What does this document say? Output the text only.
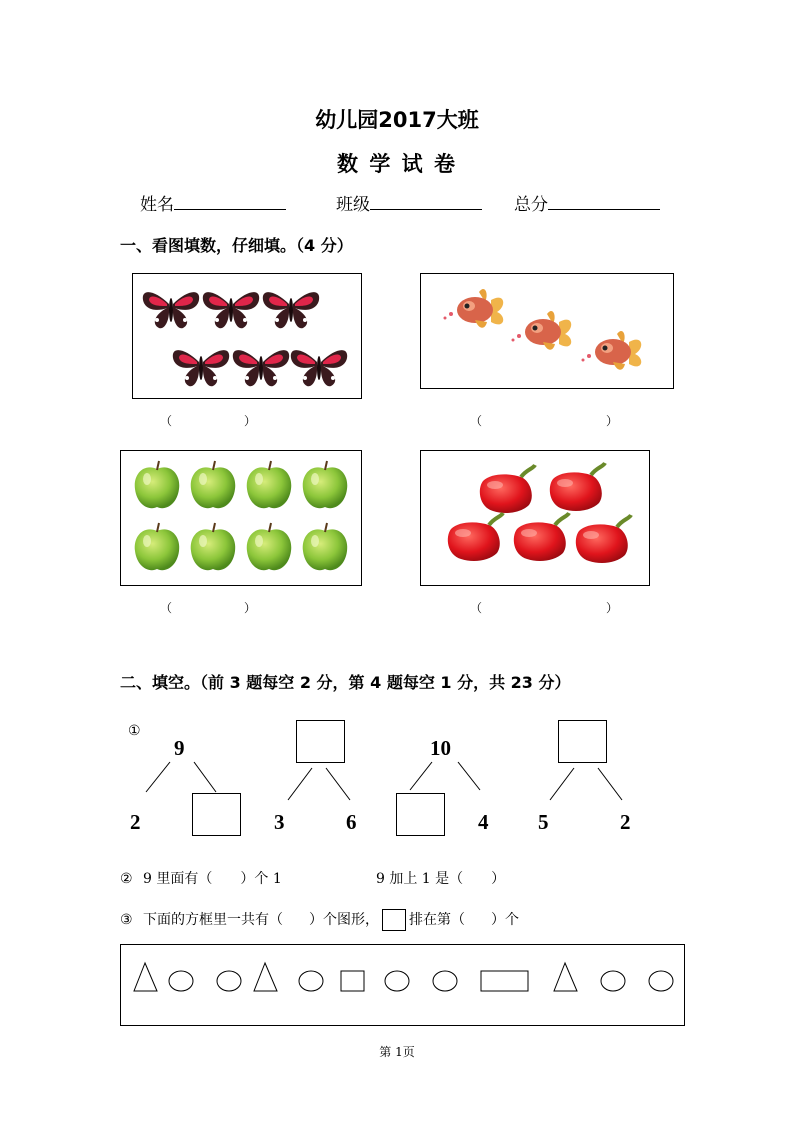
幼儿园2017大班
数 学 试 卷
姓名	班级	总分
一、看图填数，仔细填。（4 分）
（	）	（	）
（	）	（	）
二、填空。（前 3 题每空 2 分，第 4 题每空 1 分，共 23 分）
①
9
2	3	6
10
4 5	2
② 9 里面有（ ）个 1	9 加上 1 是（ ）
③ 下面的方框里一共有（ ）个图形， 排在第（ ）个
第 1页
